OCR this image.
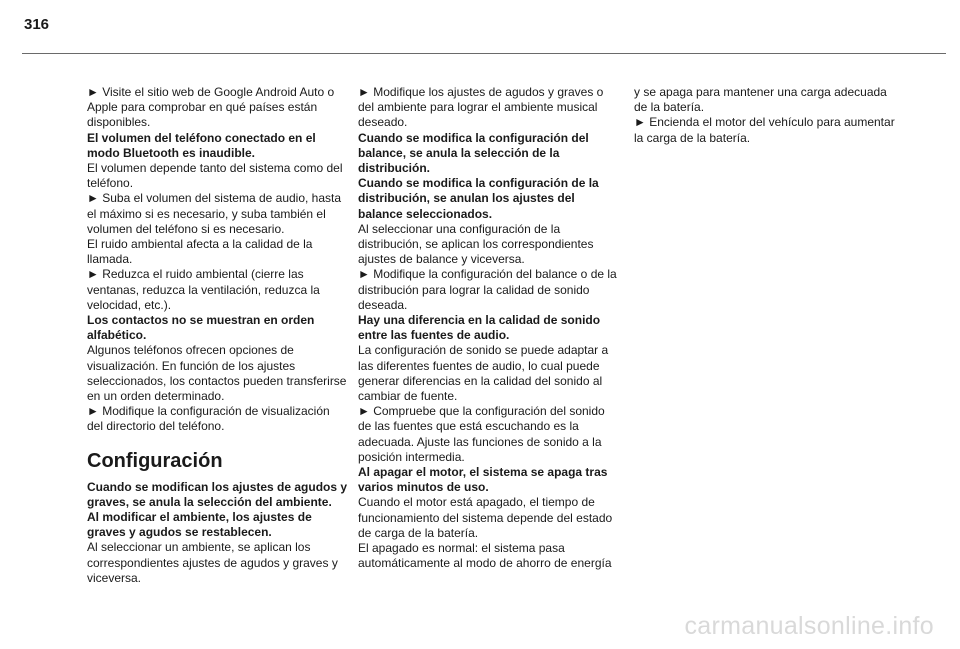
316

► Visite el sitio web de Google Android Auto o Apple para comprobar en qué países están disponibles.

El volumen del teléfono conectado en el modo Bluetooth es inaudible.

El volumen depende tanto del sistema como del teléfono.

► Suba el volumen del sistema de audio, hasta el máximo si es necesario, y suba también el volumen del teléfono si es necesario.

El ruido ambiental afecta a la calidad de la llamada.

► Reduzca el ruido ambiental (cierre las ventanas, reduzca la ventilación, reduzca la velocidad, etc.).

Los contactos no se muestran en orden alfabético.

Algunos teléfonos ofrecen opciones de visualización. En función de los ajustes seleccionados, los contactos pueden transferirse en un orden determinado.

► Modifique la configuración de visualización del directorio del teléfono.

Configuración

Cuando se modifican los ajustes de agudos y graves, se anula la selección del ambiente.

Al modificar el ambiente, los ajustes de graves y agudos se restablecen.

Al seleccionar un ambiente, se aplican los correspondientes ajustes de agudos y graves y viceversa.

► Modifique los ajustes de agudos y graves o del ambiente para lograr el ambiente musical deseado.

Cuando se modifica la configuración del balance, se anula la selección de la distribución.

Cuando se modifica la configuración de la distribución, se anulan los ajustes del balance seleccionados.

Al seleccionar una configuración de la distribución, se aplican los correspondientes ajustes de balance y viceversa.

► Modifique la configuración del balance o de la distribución para lograr la calidad de sonido deseada.

Hay una diferencia en la calidad de sonido entre las fuentes de audio.

La configuración de sonido se puede adaptar a las diferentes fuentes de audio, lo cual puede generar diferencias en la calidad del sonido al cambiar de fuente.

► Compruebe que la configuración del sonido de las fuentes que está escuchando es la adecuada. Ajuste las funciones de sonido a la posición intermedia.

Al apagar el motor, el sistema se apaga tras varios minutos de uso.

Cuando el motor está apagado, el tiempo de funcionamiento del sistema depende del estado de carga de la batería.

El apagado es normal: el sistema pasa automáticamente al modo de ahorro de energía

y se apaga para mantener una carga adecuada de la batería.

► Encienda el motor del vehículo para aumentar la carga de la batería.

carmanualsonline.info
